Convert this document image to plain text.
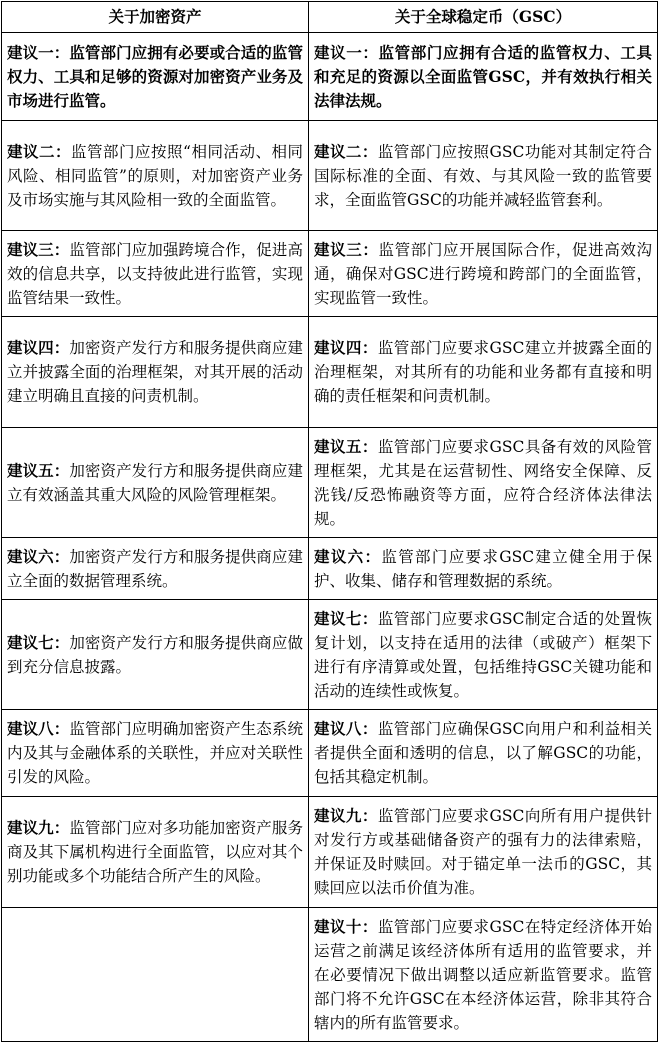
关于加密资产	关于全球稳定币（GSC）
建议一：监管部门应拥有必要或合适的监管权力、工具和足够的资源对加密资产业务及市场进行监管。	建议一：监管部门应拥有合适的监管权力、工具和充足的资源以全面监管GSC，并有效执行相关法律法规。
建议二：监管部门应按照“相同活动、相同风险、相同监管”的原则，对加密资产业务及市场实施与其风险相一致的全面监管。	建议二：监管部门应按照GSC功能对其制定符合国际标准的全面、有效、与其风险一致的监管要求，全面监管GSC的功能并减轻监管套利。
建议三：监管部门应加强跨境合作，促进高效的信息共享，以支持彼此进行监管，实现监管结果一致性。	建议三：监管部门应开展国际合作，促进高效沟通，确保对GSC进行跨境和跨部门的全面监管，实现监管一致性。
建议四：加密资产发行方和服务提供商应建立并披露全面的治理框架，对其开展的活动建立明确且直接的问责机制。	建议四：监管部门应要求GSC建立并披露全面的治理框架，对其所有的功能和业务都有直接和明确的责任框架和问责机制。
建议五：加密资产发行方和服务提供商应建立有效涵盖其重大风险的风险管理框架。	建议五：监管部门应要求GSC具备有效的风险管理框架，尤其是在运营韧性、网络安全保障、反洗钱/反恐怖融资等方面，应符合经济体法律法规。
建议六：加密资产发行方和服务提供商应建立全面的数据管理系统。	建议六：监管部门应要求GSC建立健全用于保护、收集、储存和管理数据的系统。
建议七：加密资产发行方和服务提供商应做到充分信息披露。	建议七：监管部门应要求GSC制定合适的处置恢复计划，以支持在适用的法律（或破产）框架下进行有序清算或处置，包括维持GSC关键功能和活动的连续性或恢复。
建议八：监管部门应明确加密资产生态系统内及其与金融体系的关联性，并应对关联性引发的风险。	建议八：监管部门应确保GSC向用户和利益相关者提供全面和透明的信息，以了解GSC的功能，包括其稳定机制。
建议九：监管部门应对多功能加密资产服务商及其下属机构进行全面监管，以应对其个别功能或多个功能结合所产生的风险。	建议九：监管部门应要求GSC向所有用户提供针对发行方或基础储备资产的强有力的法律索赔，并保证及时赎回。对于锚定单一法币的GSC，其赎回应以法币价值为准。
	建议十：监管部门应要求GSC在特定经济体开始运营之前满足该经济体所有适用的监管要求，并在必要情况下做出调整以适应新监管要求。监管部门将不允许GSC在本经济体运营，除非其符合辖内的所有监管要求。
